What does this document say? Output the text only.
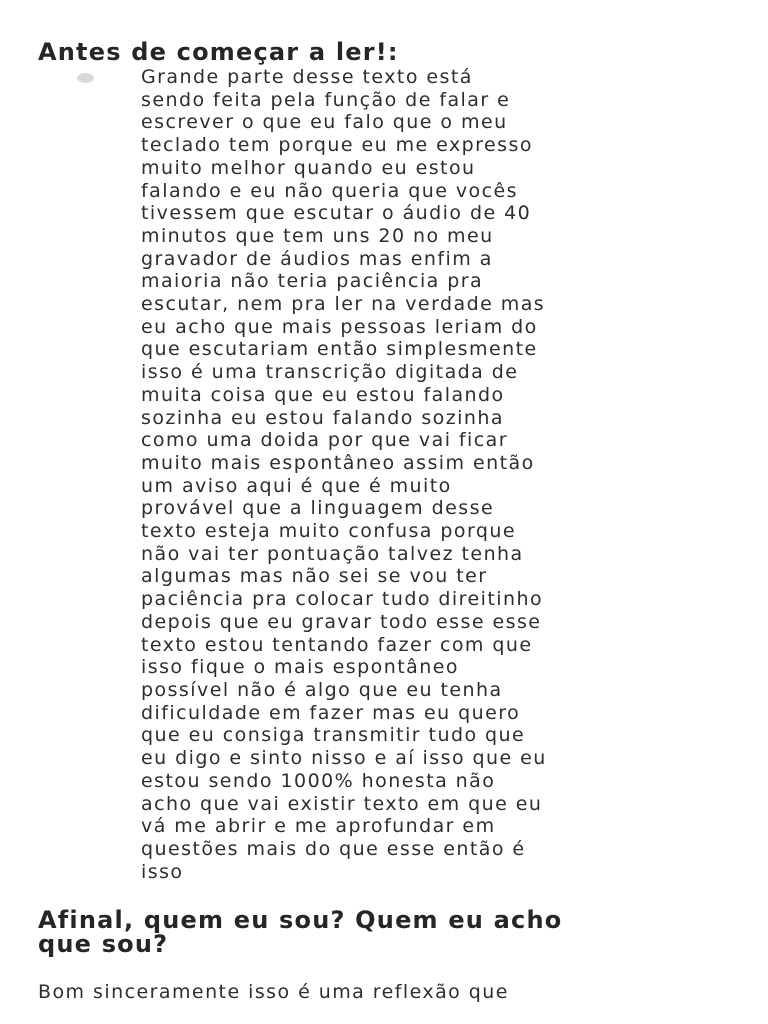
Antes de começar a ler!:

Grande parte desse texto está
sendo feita pela função de falar e
escrever o que eu falo que o meu
teclado tem porque eu me expresso
muito melhor quando eu estou
falando e eu não queria que vocês
tivessem que escutar o áudio de 40
minutos que tem uns 20 no meu
gravador de áudios mas enfim a
maioria não teria paciência pra
escutar, nem pra ler na verdade mas
eu acho que mais pessoas leriam do
que escutariam então simplesmente
isso é uma transcrição digitada de
muita coisa que eu estou falando
sozinha eu estou falando sozinha
como uma doida por que vai ficar
muito mais espontâneo assim então
um aviso aqui é que é muito
provável que a linguagem desse
texto esteja muito confusa porque
não vai ter pontuação talvez tenha
algumas mas não sei se vou ter
paciência pra colocar tudo direitinho
depois que eu gravar todo esse esse
texto estou tentando fazer com que
isso fique o mais espontâneo
possível não é algo que eu tenha
dificuldade em fazer mas eu quero
que eu consiga transmitir tudo que
eu digo e sinto nisso e aí isso que eu
estou sendo 1000% honesta não
acho que vai existir texto em que eu
vá me abrir e me aprofundar em
questões mais do que esse então é
isso

Afinal, quem eu sou? Quem eu acho
que sou?

Bom sinceramente isso é uma reflexão que
